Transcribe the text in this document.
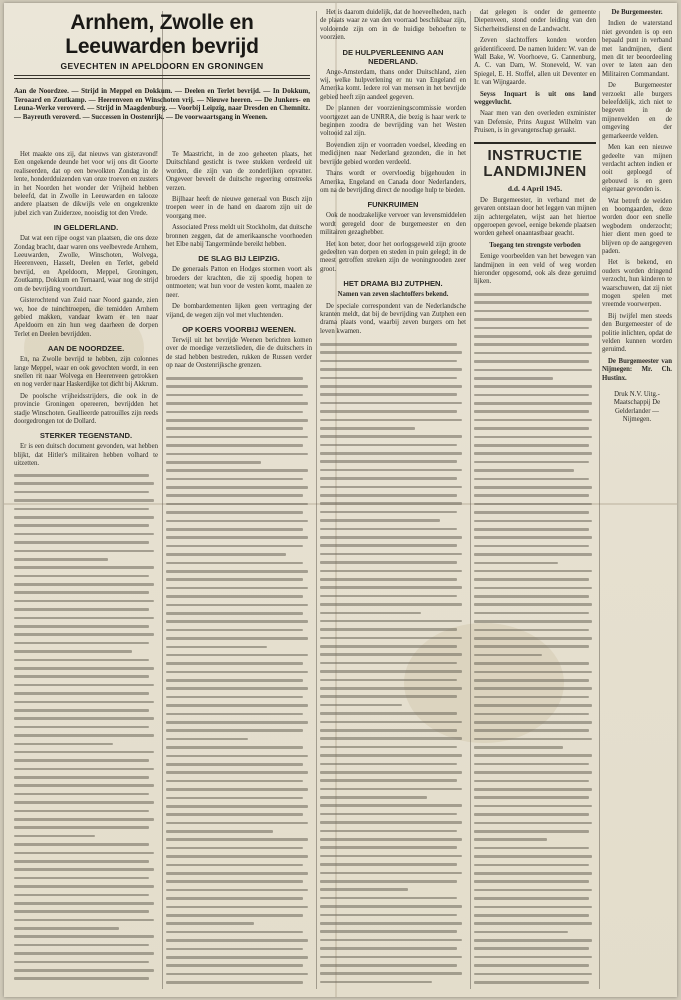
Arnhem, Zwolle en Leeuwarden bevrijd
GEVECHTEN IN APELDOORN EN GRONINGEN
Aan de Noordzee. — Strijd in Meppel en Dokkum. — Deelen en Terlet bevrijd. — In Dokkum, Teroaard en Zoutkamp. — Heerenveen en Winschoten vrij. — Nieuwe heeren. — De Junkers- en Leuna-Werke veroverd. — Strijd in Maagdenburg. — Voorbij Leipzig, naar Dresden en Chemnitz. — Bayreuth veroverd. — Successen in Oostenrijk. — De voorwaartsgang in Weenen.

Het maakte ons zij, dat nieuws van gisteravond! Een ongekende deunde het voor wij ons dit Goorte realiseerden, dat op een bewolkten Zondag in de lente, honderdduizenden van onze troeven en zusters in het Noorden het wonder der Vrijheid hebben beleefd, dat in Zwolle in Leeuwarden en talooze andere plaatsen de dikwijls vele en ongekrenkte jubel zich van Zuiderzee, nooisdig tot den Vrede.

IN GELDERLAND.

Dat wat een rijpe oogst van plaatsen, die ons deze Zondag bracht, daar waren ons veelbevrede Arnhem, Leeuwarden, Zwolle, Winschoten, Wolvega, Heerenveen, Hasselt, Deelen en Terlet, gebeld bevrijd, en Apeldoorn, Meppel, Groningen, Zoutkamp, Dokkum en Ternaard, waar nog de strijd om de bevrijding voortduurt.

Gisterochtend van Zuid naar Noord gaande, zien we, hoe de tuinchtroepen, die temidden Arnhem gebied makken, vandaar kwam er ten naar Apeldoorn en zin hun weg daarheen de dorpen Terlet en Deelen bevrijdden.

AAN DE NOORDZEE.

En, na Zwolle bevrijd te hebben, zijn colonnes lange Meppel, waar en ook gevochten wordt, in een snellen rit naar Wolvega en Heerenveen getrokken en nog verder naar Haskerdijke tot dicht bij Akkrum.

De poolsche vrijheidsstrijders, die ook in de provincie Groningen opereeren, bevrijdden het stadje Winschoten. Geallieerde patrouilles zijn reeds doorgedrongen tot de Dollard.

STERKER TEGENSTAND.

Er is een duitsch document gevonden, wat hebben blijkt, dat Hitler's militairen hebben volhard te uitzetten.

Te Maastricht, in de zoo geheeten plaats, het Duitschland gesticht is twee stukken verdeeld uit worden, die zijn van de zonderlijken opvatter. Ongeveer beveelt de duitsche regeering omstreeks verzen.

Bijlhaar heeft de nieuwe generaal von Busch zijn troepen weer in de hand en daarom zijn uit de voorgang mee.

Associated Press meldt uit Stockholm, dat duitsche bronnen zeggen, dat de amerikaansche voorhoeden het Elbe nabij Tangermünde bereikt hebben.

DE SLAG BIJ LEIPZIG.

De generaals Patton en Hodges stormen voort als broeders der krachten, die zij spoedig hopen te ontmoeten; wat hun voor de vesten komt, maalen ze neer.

De bombardementen lijken geen vertraging der vijand, de wegen zijn vol met vluchtenden.

OP KOERS VOORBIJ WEENEN.

Terwijl uit het bevrijde Weenen berichten komen over de moedige verzetslieden, die de duitschers in de stad hebben bestreden, rukken de Russen verder op naar de Oostenrijksche grenzen.

Het is daarom duidelijk, dat de hoeveelheden, nach de plaats waar ze van den voorraad beschikbaar zijn, voldoende zijn om in de huidige behoeften te voorzien.

DE HULPVERLEENING AAN NEDERLAND.

Ange-Amsterdam, thans onder Duitschland, zien wij, welke hulpverlening er nu van Engeland en Amerika komt. Iedere rol van mensen in het bevrijde gebied heeft zijn aandeel gegeven.

De plannen der voorzieningscommissie worden voortgezet aan de UNRRA, die bezig is haar werk te beginnen zoodra de bevrijding van het Westen voltooid zal zijn.

Bovendien zijn er voorraden voedsel, kleeding en medicijnen naar Nederland gezonden, die in het bevrijde gebied worden verdeeld.

Thans wordt er overvloedig bijgehouden in Amerika, Engeland en Canada door Nederlanders, om na de bevrijding direct de noodige hulp te bieden.

FUNKRUIMEN

Ook de noodzakelijke vervoer van levensmiddelen wordt geregeld door de burgemeester en den militairen gezaghebber.

Het kon beter, door het oorlogsgeweld zijn groote gedeelten van dorpen en steden in puin gelegd; in de meest getroffen streken zijn de woningnooden zeer groot.

HET DRAMA BIJ ZUTPHEN.
Namen van zeven slachtoffers bekend.

De speciale correspondent van de Nederlandsche kranten meldt, dat bij de bevrijding van Zutphen een drama plaats vond, waarbij zeven burgers om het leven kwamen.

dat gelegen is onder de gemeente Diepenveen, stond onder leiding van den Sicherheitsdienst en de Landwacht.

Zeven slachtoffers konden worden geïdentificeerd. De namen luiden: W. van de Wall Bake, W. Voorhoeve, G. Cannenburg, A. C. van Dam, W. Stoneveld, W. van Spiegel, E. H. Stoffel, allen uit Deventer en Ir. van Wijngaarde.

Seyss Inquart is uit ons land weggevlucht.

Naar men van den overleden exminister van Defensie, Prins August Wilhelm van Pruisen, is in gevangenschap geraakt.

INSTRUCTIE LANDMIJNEN
d.d. 4 April 1945.

De Burgemeester, in verband met de gevaren ontstaan door het leggen van mijnen zijn achtergelaten, wijst aan het hiertoe opgeroepen gevoel, eenige bekende plaatsen worden geheel onaantastbaar geacht.

Toegang ten strengste verboden

Eenige voorbeelden van het bewegen van landmijnen in een veld of weg worden hieronder opgesomd, ook als deze geruimd lijken.

De Burgemeester.

Indien de waterstand niet gevonden is op een bepaald punt in verband met landmijnen, dient men dit ter beoordeeling over te laten aan den Militairen Commandant.

De Burgemeester verzoekt alle burgers beleefdelijk, zich niet te begeven in de mijnenvelden en de omgeving der gemarkeerde velden.

Men kan een nieuwe gedeelte van mijnen verdacht achten indien er ooit geploegd of gebouwd is en geen eigenaar gevonden is.

Wat betreft de weiden en boomgaarden, deze worden door een snelle wegbodem onderzocht; hier dient men goed te blijven op de aangegeven paden.

Het is bekend, en ouders worden dringend verzocht, hun kinderen te waarschuwen, dat zij niet mogen spelen met vreemde voorwerpen.

Bij twijfel men steeds den Burgemeester of de politie inlichten, opdat de velden kunnen worden geruimd.

De Burgemeester van Nijmegen: Mr. Ch. Hustinx.

Druk N.V. Uitg.-Maatschappij De Gelderlander — Nijmegen.
